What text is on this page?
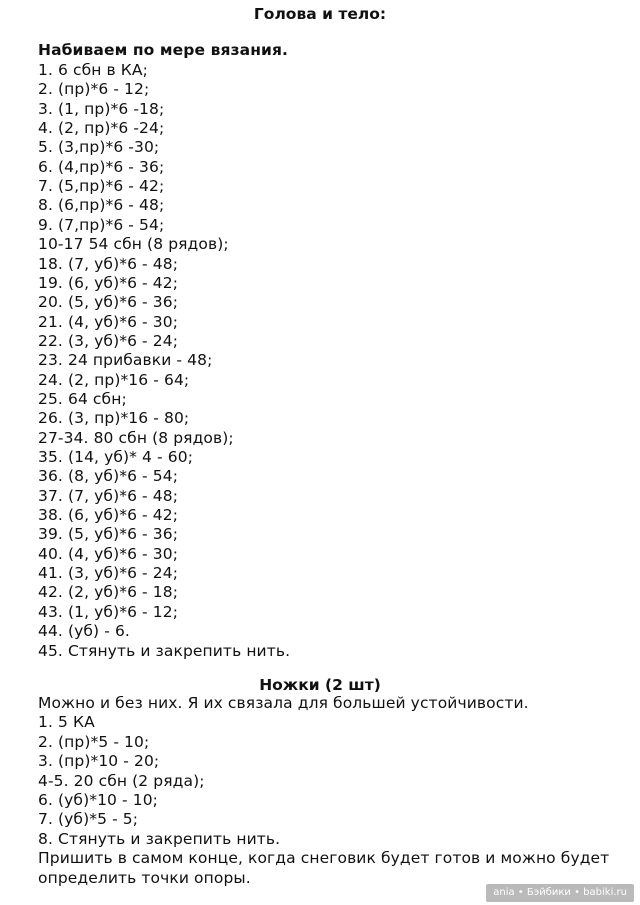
Голова и тело:
Набиваем по мере вязания.
1. 6 сбн в КА;
2. (пр)*6 - 12;
3. (1, пр)*6 -18;
4. (2, пр)*6 -24;
5. (3,пр)*6 -30;
6. (4,пр)*6 - 36;
7. (5,пр)*6 - 42;
8. (6,пр)*6 - 48;
9. (7,пр)*6 - 54;
10-17 54 сбн (8 рядов);
18. (7, уб)*6 - 48;
19. (6, уб)*6 - 42;
20. (5, уб)*6 - 36;
21. (4, уб)*6 - 30;
22. (3, уб)*6 - 24;
23. 24 прибавки - 48;
24. (2, пр)*16 - 64;
25. 64 сбн;
26. (3, пр)*16 - 80;
27-34. 80 сбн (8 рядов);
35. (14, уб)* 4 - 60;
36. (8, уб)*6 - 54;
37. (7, уб)*6 - 48;
38. (6, уб)*6 - 42;
39. (5, уб)*6 - 36;
40. (4, уб)*6 - 30;
41. (3, уб)*6 - 24;
42. (2, уб)*6 - 18;
43. (1, уб)*6 - 12;
44. (уб) - 6.
45. Стянуть и закрепить нить.
Ножки (2 шт)
Можно и без них. Я их связала для большей устойчивости.
1. 5 КА
2. (пр)*5 - 10;
3. (пр)*10 - 20;
4-5. 20 сбн (2 ряда);
6. (уб)*10 - 10;
7. (уб)*5 - 5;
8. Стянуть и закрепить нить.
Пришить в самом конце, когда снеговик будет готов и можно будет
определить точки опоры.
ania • Бэйбики • babiki.ru
